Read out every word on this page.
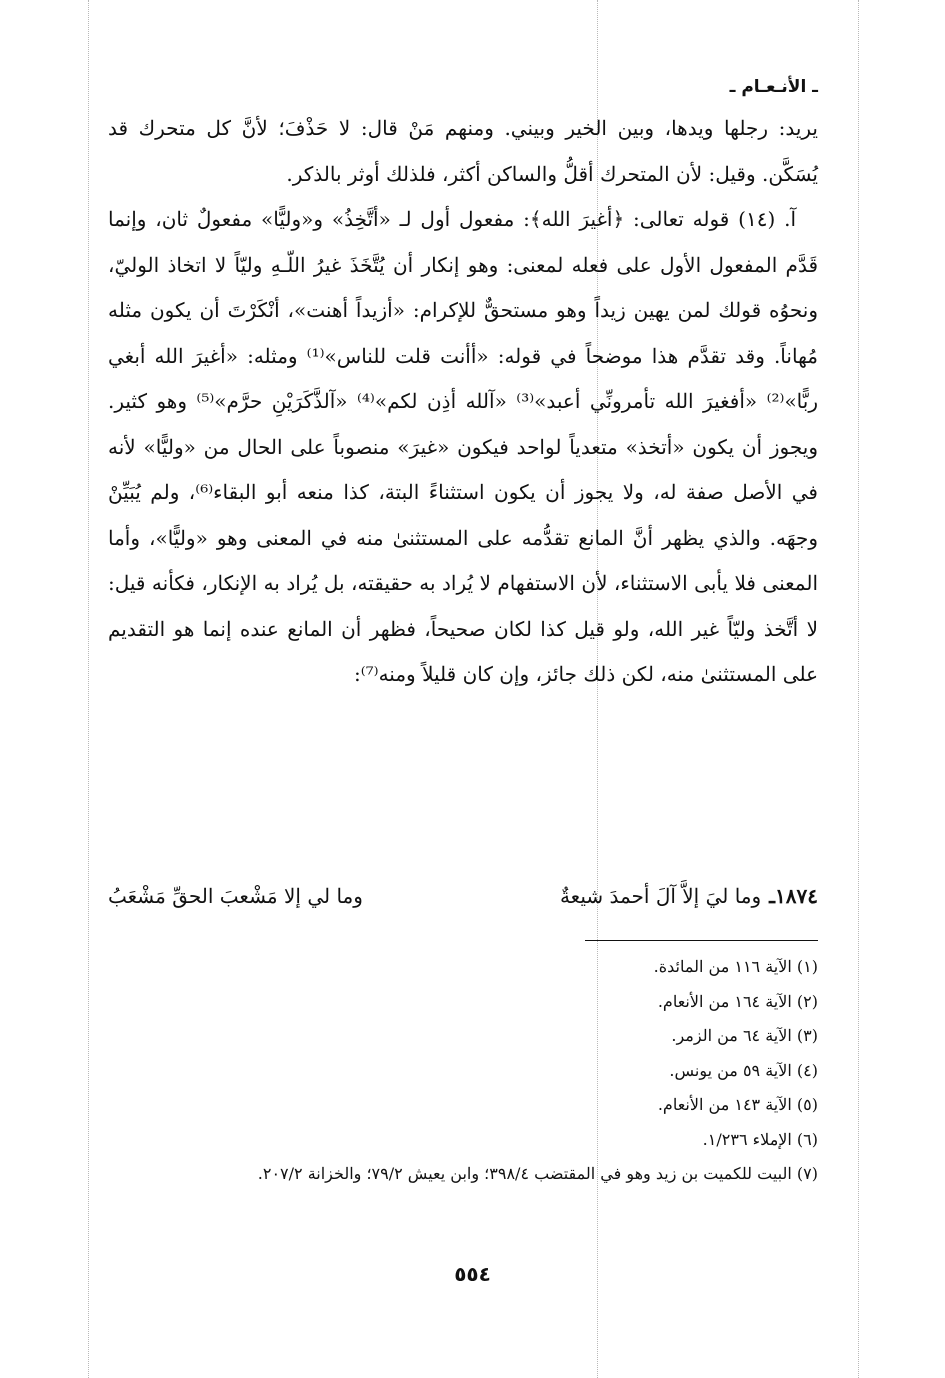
ـ الأنـعـام ـ

يريد: رجلها ويدها، وبين الخير وبيني. ومنهم مَنْ قال: لا حَذْفَ؛ لأنَّ كل متحرك قد يُسَكَّن. وقيل: لأن المتحرك أقلُّ والساكن أكثر، فلذلك أوثر بالذكر.

آ. (١٤) قوله تعالى: ﴿أغيرَ الله﴾: مفعول أول لـ «أتَّخِذُ» و«وليًّا» مفعولٌ ثان، وإنما قَدَّم المفعول الأول على فعله لمعنى: وهو إنكار أن يُتَّخَذَ غيرُ اللّـهِ وليّاً لا اتخاذ الوليّ، ونحوُه قولك لمن يهين زيداً وهو مستحقٌّ للإكرام: «أزيداً أهنت»، أنْكَرْتَ أن يكون مثله مُهاناً. وقد تقدَّم هذا موضحاً في قوله: «أأنت قلت للناس»⁽¹⁾ ومثله: «أغيرَ الله أبغي ربًّا»⁽²⁾ «أفغيرَ الله تأمرونِّي أعبد»⁽³⁾ «آلله أذِن لكم»⁽⁴⁾ «آلذَّكَرَيْنِ حرَّم»⁽⁵⁾ وهو كثير. ويجوز أن يكون «أتخذ» متعدياً لواحد فيكون «غيرَ» منصوباً على الحال من «وليًّا» لأنه في الأصل صفة له، ولا يجوز أن يكون استثناءً البتة، كذا منعه أبو البقاء⁽⁶⁾، ولم يُبَيِّنْ وجهَه. والذي يظهر أنَّ المانع تقدُّمه على المستثنىٰ منه في المعنى وهو «وليًّا»، وأما المعنى فلا يأبى الاستثناء، لأن الاستفهام لا يُراد به حقيقته، بل يُراد به الإنكار، فكأنه قيل: لا أتَّخذ وليّاً غير الله، ولو قيل كذا لكان صحيحاً، فظهر أن المانع عنده إنما هو التقديم على المستثنىٰ منه، لكن ذلك جائز، وإن كان قليلاً ومنه⁽⁷⁾:

١٨٧٤ـ
وما ليَ إلاَّ آلَ أحمدَ شيعةٌ
وما لي إلا مَشْعبَ الحقِّ مَشْعَبُ

(١) الآية ١١٦ من المائدة.

(٢) الآية ١٦٤ من الأنعام.

(٣) الآية ٦٤ من الزمر.

(٤) الآية ٥٩ من يونس.

(٥) الآية ١٤٣ من الأنعام.

(٦) الإملاء ١/٢٣٦.

(٧) البيت للكميت بن زيد وهو في المقتضب ٣٩٨/٤؛ وابن يعيش ٧٩/٢؛ والخزانة ٢٠٧/٢.

٥٥٤
